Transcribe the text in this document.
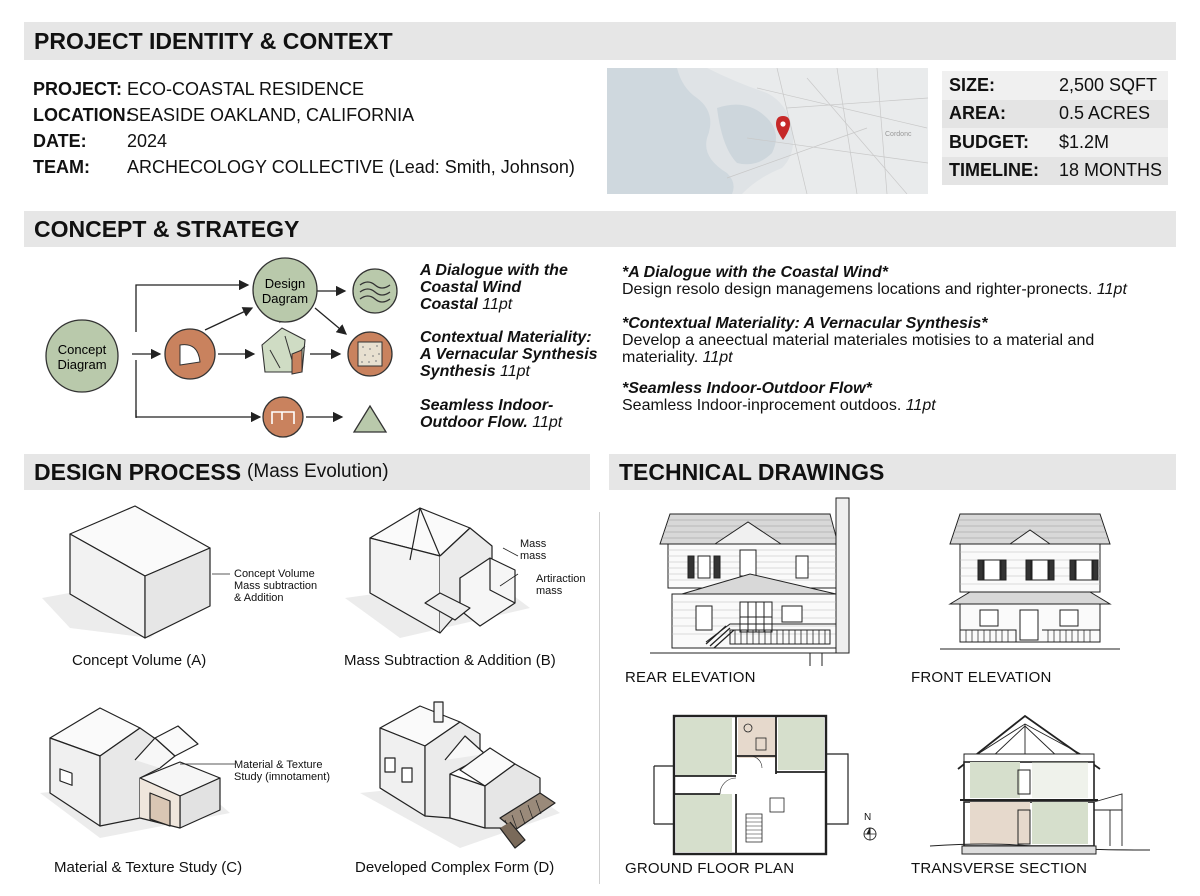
PROJECT IDENTITY & CONTEXT
CONCEPT & STRATEGY
DESIGN PROCESS (Mass Evolution)	TECHNICAL DRAWINGS
PROJECT: ECO-COASTAL RESIDENCE
LOCATION:
SEASIDE OAKLAND, CALIFORNIA
DATE:	2024
TEAM:	ARCHECOLOGY COLLECTIVE (Lead: Smith, Johnson)
Cordonc
SIZE:	2,500 SQFT
AREA:	0.5 ACRES
BUDGET:	$1.2M
TIMELINE:	18 MONTHS
Concept
Diagram
Design
Dagram
A Dialogue with the
Coastal Wind
Coastal 11pt
Contextual Materiality:
A Vernacular Synthesis
Synthesis 11pt
Seamless Indoor-
Outdoor Flow. 11pt
*A Dialogue with the Coastal Wind*
Design resolo design managemens locations and righter-pronects. 11pt
*Contextual Materiality: A Vernacular Synthesis*
Develop a aneectual material materiales motisies to a material and
materiality. 11pt
*Seamless Indoor-Outdoor Flow*
Seamless Indoor-inprocement outdoos. 11pt
Concept Volume
Mass subtraction
& Addition
Mass
mass
Artiraction
mass
Material & Texture
Study (imnotament)
Concept Volume (A)	Mass Subtraction & Addition (B)
Material & Texture Study (C)	Developed Complex Form (D)
REAR ELEVATION	FRONT ELEVATION
GROUND FLOOR PLAN	TRANSVERSE SECTION
N
